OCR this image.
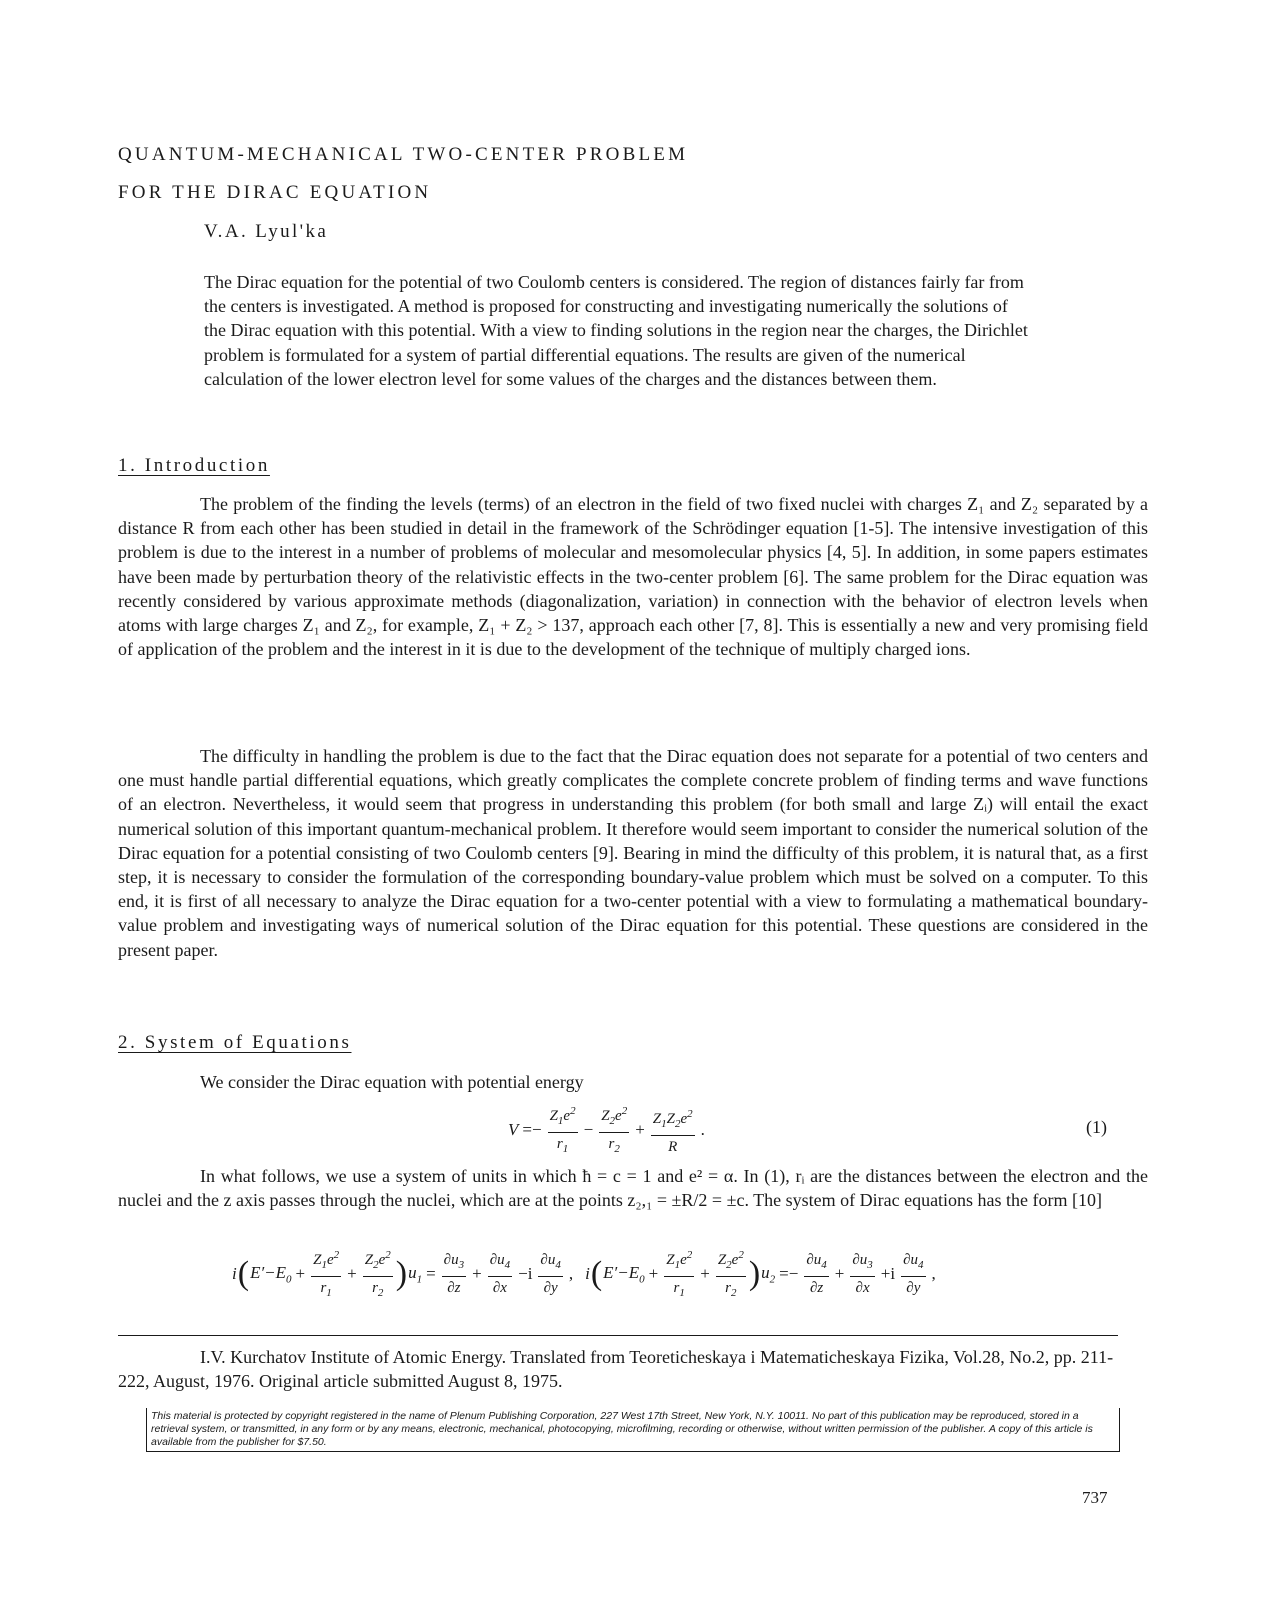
QUANTUM-MECHANICAL TWO-CENTER PROBLEM
FOR THE DIRAC EQUATION
V.A. Lyul'ka

The Dirac equation for the potential of two Coulomb centers is considered. The region of distances fairly far from the centers is investigated. A method is proposed for constructing and investigating numerically the solutions of the Dirac equation with this potential. With a view to finding solutions in the region near the charges, the Dirichlet problem is formulated for a system of partial differential equations. The results are given of the numerical calculation of the lower electron level for some values of the charges and the distances between them.

1. Introduction

The problem of the finding the levels (terms) of an electron in the field of two fixed nuclei with charges Z₁ and Z₂ separated by a distance R from each other has been studied in detail in the framework of the Schrödinger equation [1-5]. The intensive investigation of this problem is due to the interest in a number of problems of molecular and mesomolecular physics [4, 5]. In addition, in some papers estimates have been made by perturbation theory of the relativistic effects in the two-center problem [6]. The same problem for the Dirac equation was recently considered by various approximate methods (diagonalization, variation) in connection with the behavior of electron levels when atoms with large charges Z₁ and Z₂, for example, Z₁ + Z₂ > 137, approach each other [7, 8]. This is essentially a new and very promising field of application of the problem and the interest in it is due to the development of the technique of multiply charged ions.

The difficulty in handling the problem is due to the fact that the Dirac equation does not separate for a potential of two centers and one must handle partial differential equations, which greatly complicates the complete concrete problem of finding terms and wave functions of an electron. Nevertheless, it would seem that progress in understanding this problem (for both small and large Zᵢ) will entail the exact numerical solution of this important quantum-mechanical problem. It therefore would seem important to consider the numerical solution of the Dirac equation for a potential consisting of two Coulomb centers [9]. Bearing in mind the difficulty of this problem, it is natural that, as a first step, it is necessary to consider the formulation of the corresponding boundary-value problem which must be solved on a computer. To this end, it is first of all necessary to analyze the Dirac equation for a two-center potential with a view to formulating a mathematical boundary-value problem and investigating ways of numerical solution of the Dirac equation for this potential. These questions are considered in the present paper.

2. System of Equations

We consider the Dirac equation with potential energy

$V =- \frac{Z_1e^2}{r_1} - \frac{Z_2e^2}{r_2} + \frac{Z_1Z_2e^2}{R}$ .	(1)

In what follows, we use a system of units in which ħ = c = 1 and e² = α. In (1), rᵢ are the distances between the electron and the nuclei and the z axis passes through the nuclei, which are at the points z₂,₁ = ±R/2 = ±c. The system of Dirac equations has the form [10]

i ( $E'-E_0 + \frac{Z_1e^2}{r_1} + \frac{Z_2e^2}{r_2}$ ) $u_1 = \frac{\partial u_3}{\partial z} + \frac{\partial u_4}{\partial x} -i \frac{\partial u_4}{\partial y}$ , i ( $E'-E_0 + \frac{Z_1e^2}{r_1} + \frac{Z_2e^2}{r_2}$ ) $u_2 =- \frac{\partial u_4}{\partial z} + \frac{\partial u_3}{\partial x} +i \frac{\partial u_4}{\partial y}$ ,

I.V. Kurchatov Institute of Atomic Energy. Translated from Teoreticheskaya i Matematicheskaya Fizika, Vol.28, No.2, pp. 211-222, August, 1976. Original article submitted August 8, 1975.

This material is protected by copyright registered in the name of Plenum Publishing Corporation, 227 West 17th Street, New York, N.Y. 10011. No part of this publication may be reproduced, stored in a retrieval system, or transmitted, in any form or by any means, electronic, mechanical, photocopying, microfilming, recording or otherwise, without written permission of the publisher. A copy of this article is available from the publisher for $7.50.
737
